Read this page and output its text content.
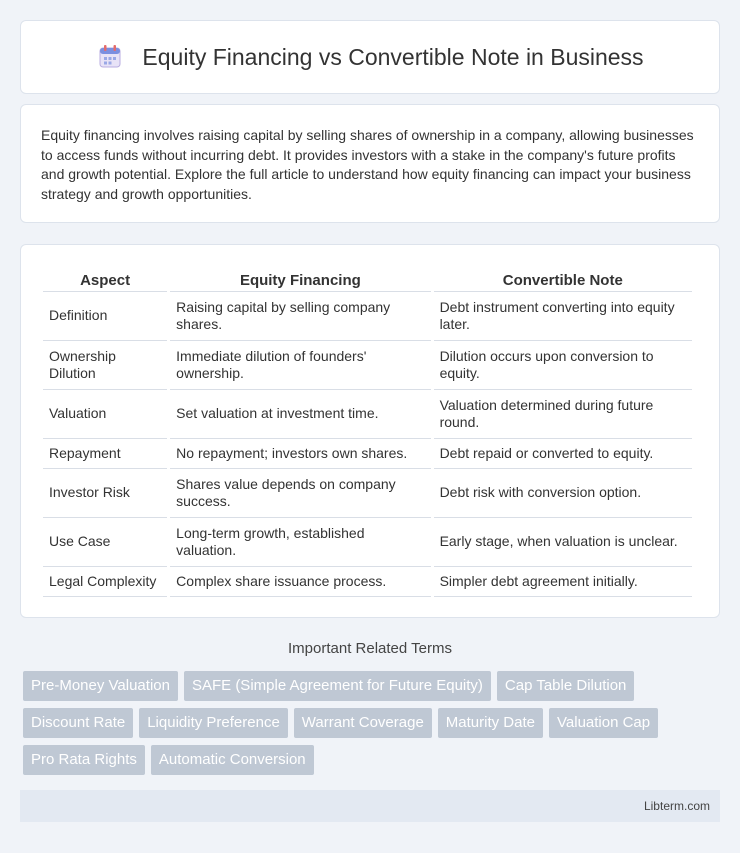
Equity Financing vs Convertible Note in Business

Equity financing involves raising capital by selling shares of ownership in a company, allowing businesses to access funds without incurring debt. It provides investors with a stake in the company's future profits and growth potential. Explore the full article to understand how equity financing can impact your business strategy and growth opportunities.

Aspect	Equity Financing	Convertible Note
Definition	Raising capital by selling company shares.	Debt instrument converting into equity later.
Ownership Dilution	Immediate dilution of founders' ownership.	Dilution occurs upon conversion to equity.
Valuation	Set valuation at investment time.	Valuation determined during future round.
Repayment	No repayment; investors own shares.	Debt repaid or converted to equity.
Investor Risk	Shares value depends on company success.	Debt risk with conversion option.
Use Case	Long-term growth, established valuation.	Early stage, when valuation is unclear.
Legal Complexity	Complex share issuance process.	Simpler debt agreement initially.
Important Related Terms
Pre-Money Valuation	SAFE (Simple Agreement for Future Equity)	Cap Table Dilution
Discount Rate	Liquidity Preference	Warrant Coverage	Maturity Date	Valuation Cap
Pro Rata Rights	Automatic Conversion
Libterm.com
